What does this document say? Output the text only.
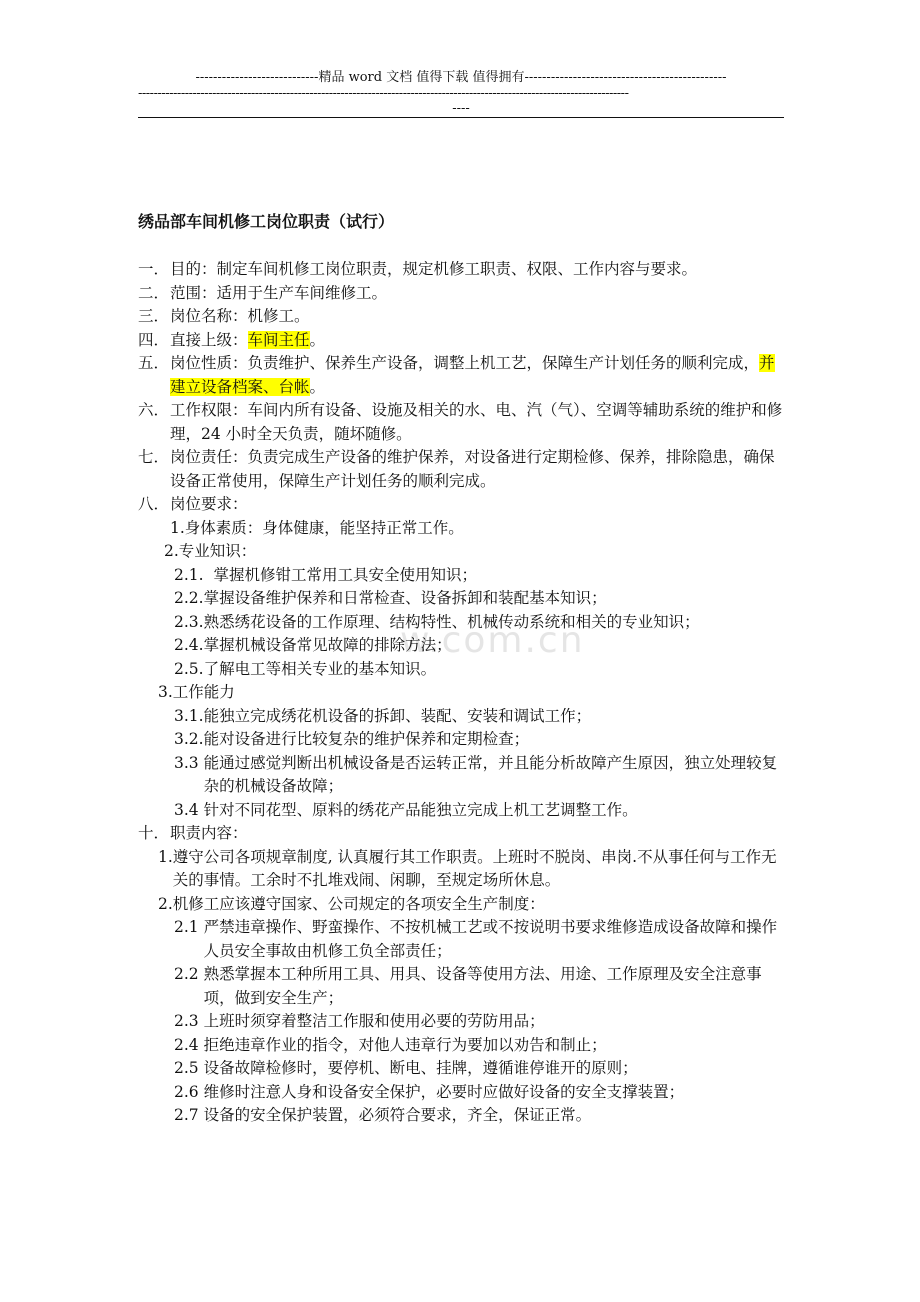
----------------------------精品 word 文档 值得下载 值得拥有----------------------------------------------
------------------------------------------------------------------------------------------------------------------------------
----
w.com.cn
绣品部车间机修工岗位职责（试行）
一． 目的：制定车间机修工岗位职责，规定机修工职责、权限、工作内容与要求。
二． 范围：适用于生产车间维修工。
三． 岗位名称：机修工。
四． 直接上级：车间主任。
五． 岗位性质：负责维护、保养生产设备，调整上机工艺，保障生产计划任务的顺利完成，并建立设备档案、台帐。
六． 工作权限：车间内所有设备、设施及相关的水、电、汽（气）、空调等辅助系统的维护和修理，24 小时全天负责，随坏随修。
七． 岗位责任：负责完成生产设备的维护保养，对设备进行定期检修、保养，排除隐患，确保设备正常使用，保障生产计划任务的顺利完成。
八． 岗位要求：
1. 身体素质：身体健康，能坚持正常工作。
2. 专业知识：
2.1. 掌握机修钳工常用工具安全使用知识；
2.2. 掌握设备维护保养和日常检查、设备拆卸和装配基本知识；
2.3. 熟悉绣花设备的工作原理、结构特性、机械传动系统和相关的专业知识；
2.4. 掌握机械设备常见故障的排除方法；
2.5. 了解电工等相关专业的基本知识。
3. 工作能力
3.1. 能独立完成绣花机设备的拆卸、装配、安装和调试工作；
3.2. 能对设备进行比较复杂的维护保养和定期检查；
3.3 能通过感觉判断出机械设备是否运转正常，并且能分析故障产生原因，独立处理较复杂的机械设备故障；
3.4 针对不同花型、原料的绣花产品能独立完成上机工艺调整工作。
十． 职责内容：
1. 遵守公司各项规章制度, 认真履行其工作职责。上班时不脱岗、串岗.不从事任何与工作无关的事情。工余时不扎堆戏闹、闲聊，至规定场所休息。
2. 机修工应该遵守国家、公司规定的各项安全生产制度：
2.1 严禁违章操作、野蛮操作、不按机械工艺或不按说明书要求维修造成设备故障和操作人员安全事故由机修工负全部责任；
2.2 熟悉掌握本工种所用工具、用具、设备等使用方法、用途、工作原理及安全注意事项，做到安全生产；
2.3 上班时须穿着整洁工作服和使用必要的劳防用品；
2.4 拒绝违章作业的指令，对他人违章行为要加以劝告和制止；
2.5 设备故障检修时，要停机、断电、挂牌，遵循谁停谁开的原则；
2.6 维修时注意人身和设备安全保护，必要时应做好设备的安全支撑装置；
2.7 设备的安全保护装置，必须符合要求，齐全，保证正常。
